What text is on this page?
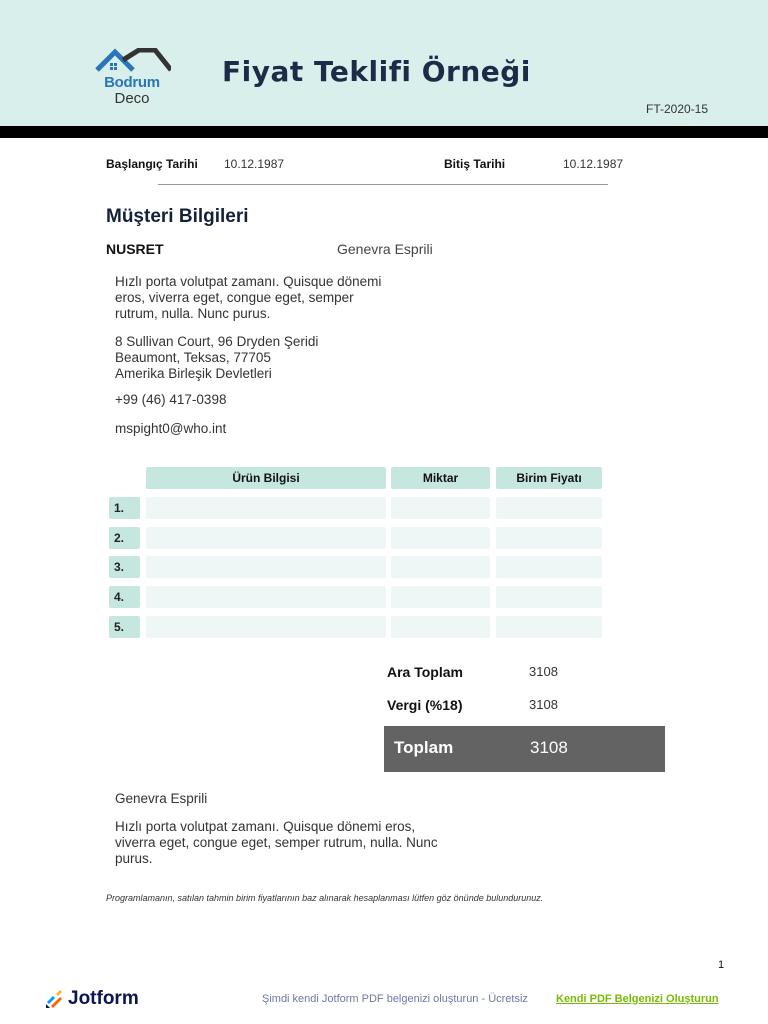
Bodrum
Deco
Fiyat Teklifi Örneği
FT-2020-15
Başlangıç Tarihi 10.12.1987	Bitiş Tarihi	10.12.1987
Müşteri Bilgileri
NUSRET	Genevra Esprili
Hızlı porta volutpat zamanı. Quisque dönemi
eros, viverra eget, congue eget, semper
rutrum, nulla. Nunc purus.
8 Sullivan Court, 96 Dryden Şeridi
Beaumont, Teksas, 77705
Amerika Birleşik Devletleri
+99 (46) 417-0398
mspight0@who.int
Ürün Bilgisi	Miktar	Birim Fiyatı
1.
2.
3.
4.
5.
Ara Toplam	3108
Vergi (%18)	3108
Toplam	3108
Genevra Esprili
Hızlı porta volutpat zamanı. Quisque dönemi eros,
viverra eget, congue eget, semper rutrum, nulla. Nunc
purus.
Programlamanın, satılan tahmin birim fiyatlarının baz alınarak hesaplanması lütfen göz önünde bulundurunuz.
1
Jotform	Şimdi kendi Jotform PDF belgenizi oluşturun - Ücretsiz	Kendi PDF Belgenizi Oluşturun
